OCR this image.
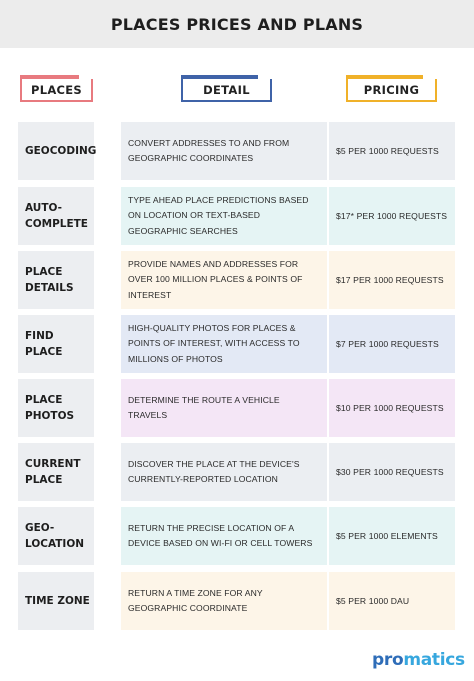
PLACES PRICES AND PLANS
PLACES	DETAIL	PRICING
GEOCODING
CONVERT ADDRESSES TO AND FROM GEOGRAPHIC COORDINATES
$5 PER 1000 REQUESTS
AUTO-COMPLETE
TYPE AHEAD PLACE PREDICTIONS BASED ON LOCATION OR TEXT-BASED GEOGRAPHIC SEARCHES
$17* PER 1000 REQUESTS
PLACE DETAILS
PROVIDE NAMES AND ADDRESSES FOR OVER 100 MILLION PLACES & POINTS OF INTEREST
$17 PER 1000 REQUESTS
FIND PLACE
HIGH-QUALITY PHOTOS FOR PLACES & POINTS OF INTEREST, WITH ACCESS TO MILLIONS OF PHOTOS
$7 PER 1000 REQUESTS
PLACE PHOTOS
DETERMINE THE ROUTE A VEHICLE TRAVELS
$10 PER 1000 REQUESTS
CURRENT PLACE
DISCOVER THE PLACE AT THE DEVICE'S CURRENTLY-REPORTED LOCATION
$30 PER 1000 REQUESTS
GEO-LOCATION
RETURN THE PRECISE LOCATION OF A DEVICE BASED ON WI-FI OR CELL TOWERS
$5 PER 1000 ELEMENTS
TIME ZONE
RETURN A TIME ZONE FOR ANY GEOGRAPHIC COORDINATE
$5 PER 1000 DAU
promatics
